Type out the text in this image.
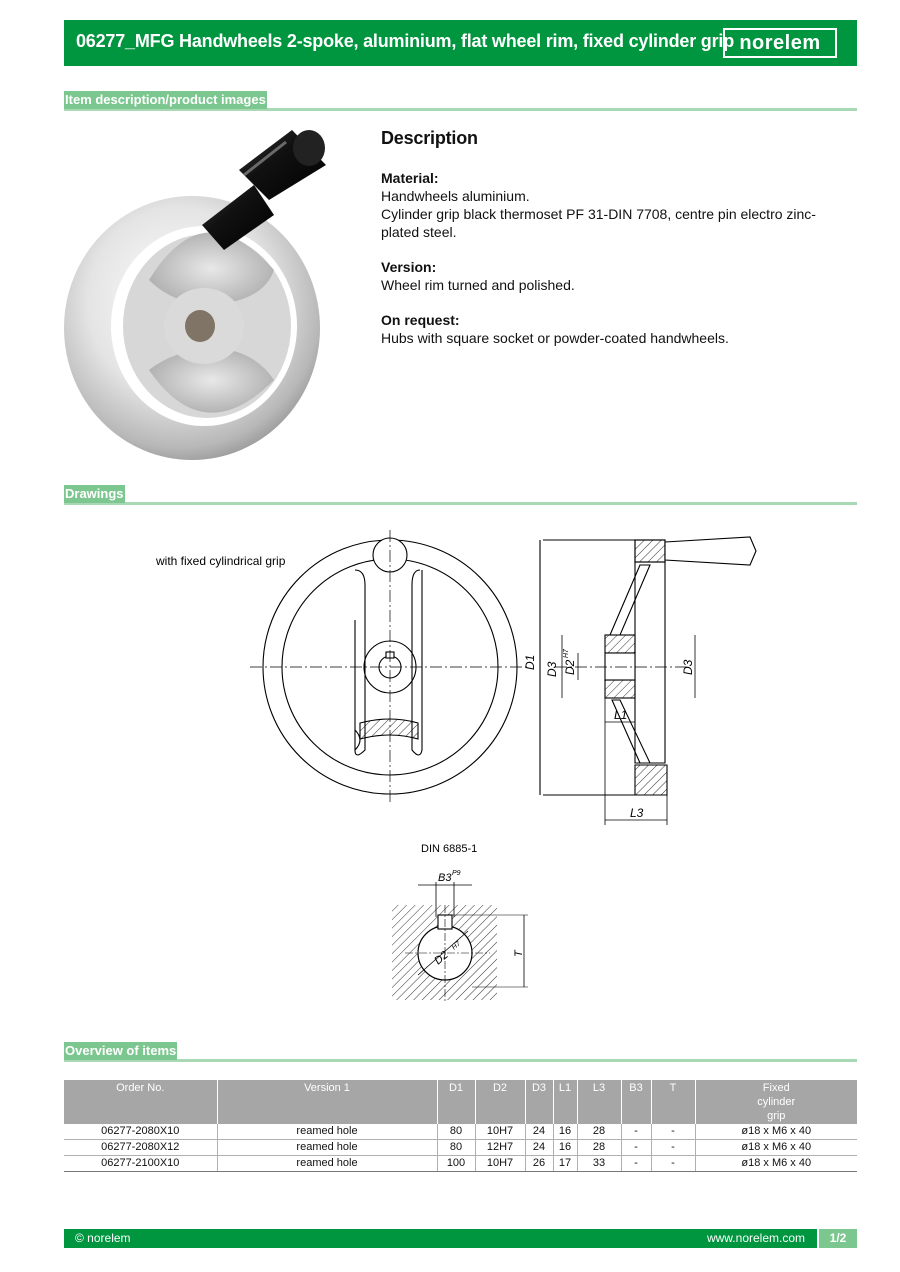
06277_MFG Handwheels 2-spoke, aluminium, flat wheel rim, fixed cylinder grip norelem
Item description/product images
Description
Material:

Handwheels aluminium.

Cylinder grip black thermoset PF 31-DIN 7708, centre pin electro zinc-plated steel.

Version:

Wheel rim turned and polished.

On request:

Hubs with square socket or powder-coated handwheels.

Drawings
with fixed cylindrical grip
D1 D3 D2
H7
D3
L1
L3
DIN 6885-1
B3 P9
D2
H7
T
Overview of items
Order No.	Version 1	D1	D2	D3	L1	L3	B3	T	Fixed cylinder grip
06277-2080X10	reamed hole	80	10H7	24	16	28	-	-	ø18 x M6 x 40
06277-2080X12	reamed hole	80	12H7	24	16	28	-	-	ø18 x M6 x 40
06277-2100X10	reamed hole	100	10H7	26	17	33	-	-	ø18 x M6 x 40
© norelem	www.norelem.com	1/2
